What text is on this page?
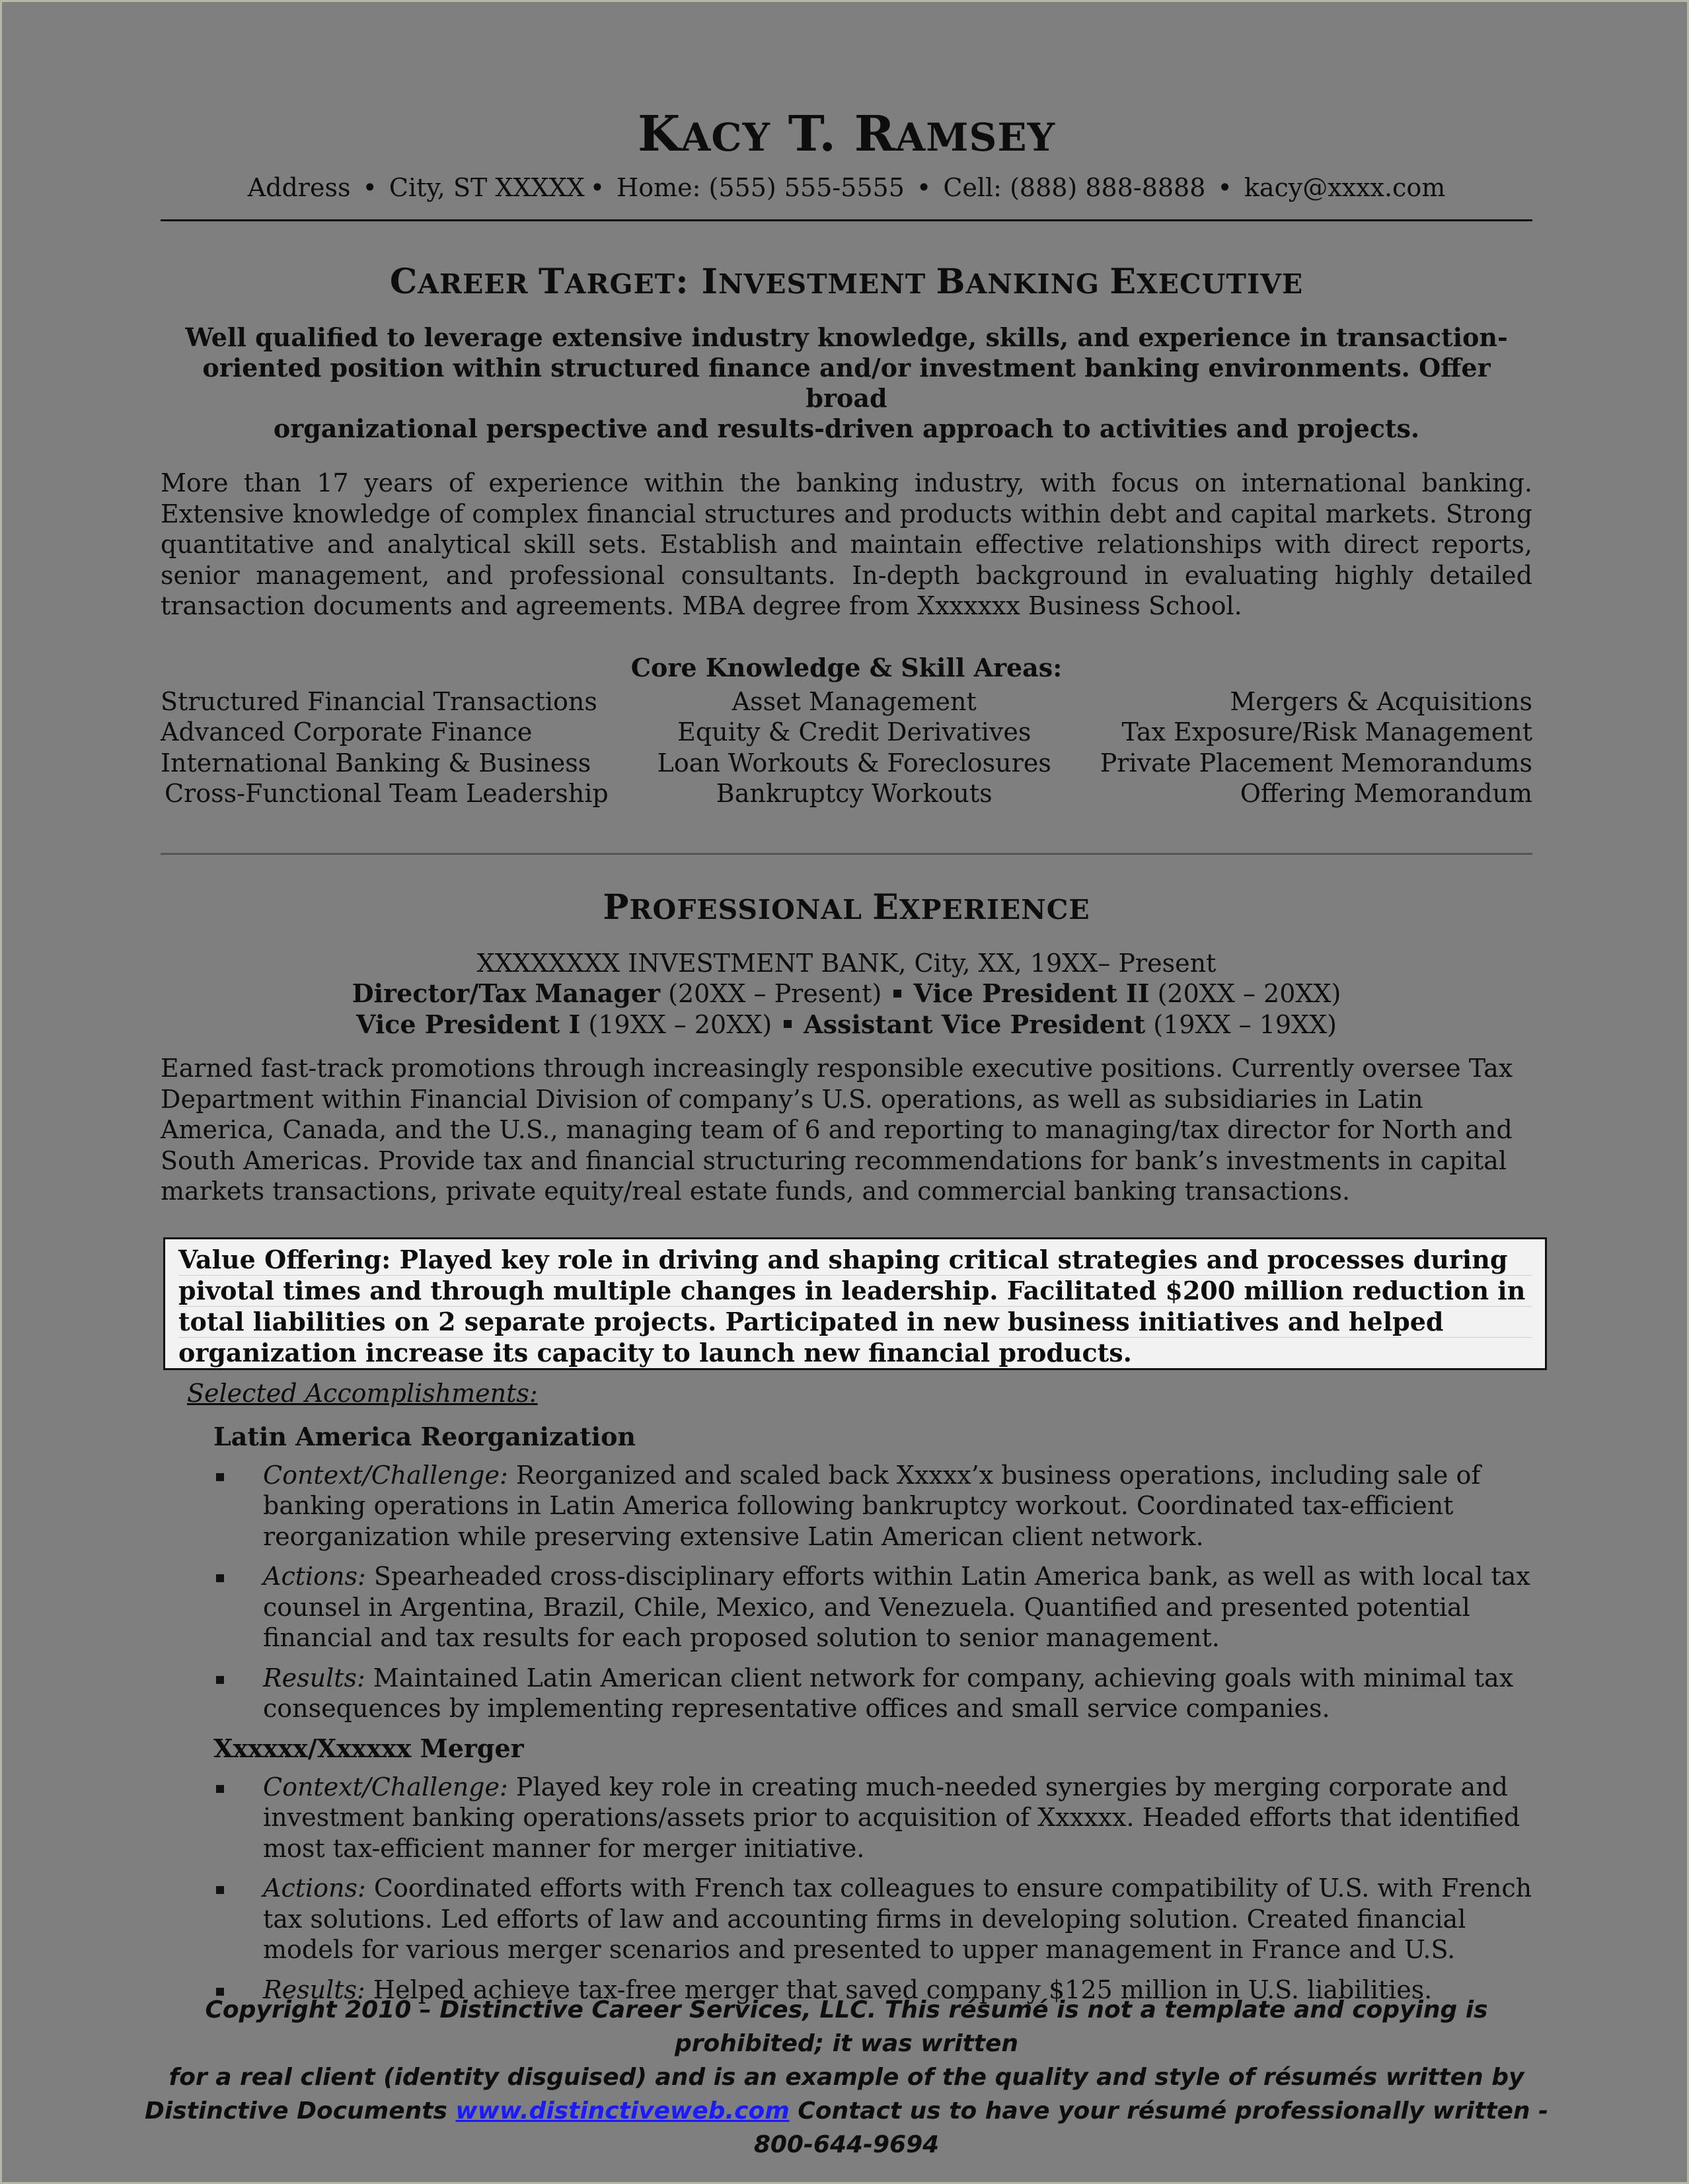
KACY T. RAMSEY
Address • City, ST XXXXX • Home: (555) 555-5555 • Cell: (888) 888-8888 • kacy@xxxx.com
CAREER TARGET: INVESTMENT BANKING EXECUTIVE
Well qualified to leverage extensive industry knowledge, skills, and experience in transaction-
oriented position within structured finance and/or investment banking environments. Offer broad
organizational perspective and results-driven approach to activities and projects.

More than 17 years of experience within the banking industry, with focus on international banking. Extensive knowledge of complex financial structures and products within debt and capital markets. Strong quantitative and analytical skill sets. Establish and maintain effective relationships with direct reports, senior management, and professional consultants. In-depth background in evaluating highly detailed transaction documents and agreements. MBA degree from Xxxxxxx Business School.

Core Knowledge & Skill Areas:
Structured Financial Transactions
Advanced Corporate Finance
International Banking & Business
Cross-Functional Team Leadership
Asset Management
Equity & Credit Derivatives
Loan Workouts & Foreclosures
Bankruptcy Workouts
Mergers & Acquisitions
Tax Exposure/Risk Management
Private Placement Memorandums
Offering Memorandum
PROFESSIONAL EXPERIENCE
XXXXXXXX INVESTMENT BANK, City, XX, 19XX– Present
Director/Tax Manager (20XX – Present) Vice President II (20XX – 20XX)
Vice President I (19XX – 20XX) Assistant Vice President (19XX – 19XX)

Earned fast-track promotions through increasingly responsible executive positions. Currently oversee Tax Department within Financial Division of company’s U.S. operations, as well as subsidiaries in Latin America, Canada, and the U.S., managing team of 6 and reporting to managing/tax director for North and South Americas. Provide tax and financial structuring recommendations for bank’s investments in capital markets transactions, private equity/real estate funds, and commercial banking transactions.

Value Offering: Played key role in driving and shaping critical strategies and processes during
pivotal times and through multiple changes in leadership. Facilitated $200 million reduction in
total liabilities on 2 separate projects. Participated in new business initiatives and helped
organization increase its capacity to launch new financial products.
Selected Accomplishments:
Latin America Reorganization
Context/Challenge: Reorganized and scaled back Xxxxx’x business operations, including sale of banking operations in Latin America following bankruptcy workout. Coordinated tax-efficient reorganization while preserving extensive Latin American client network.
Actions: Spearheaded cross-disciplinary efforts within Latin America bank, as well as with local tax counsel in Argentina, Brazil, Chile, Mexico, and Venezuela. Quantified and presented potential financial and tax results for each proposed solution to senior management.
Results: Maintained Latin American client network for company, achieving goals with minimal tax consequences by implementing representative offices and small service companies.
Xxxxxx/Xxxxxx Merger
Context/Challenge: Played key role in creating much-needed synergies by merging corporate and investment banking operations/assets prior to acquisition of Xxxxxx. Headed efforts that identified most tax-efficient manner for merger initiative.
Actions: Coordinated efforts with French tax colleagues to ensure compatibility of U.S. with French tax solutions. Led efforts of law and accounting firms in developing solution. Created financial models for various merger scenarios and presented to upper management in France and U.S.
Results: Helped achieve tax-free merger that saved company $125 million in U.S. liabilities.
Copyright 2010 – Distinctive Career Services, LLC. This résumé is not a template and copying is prohibited; it was written
for a real client (identity disguised) and is an example of the quality and style of résumés written by
Distinctive Documents www.distinctiveweb.com Contact us to have your résumé professionally written - 800-644-9694
